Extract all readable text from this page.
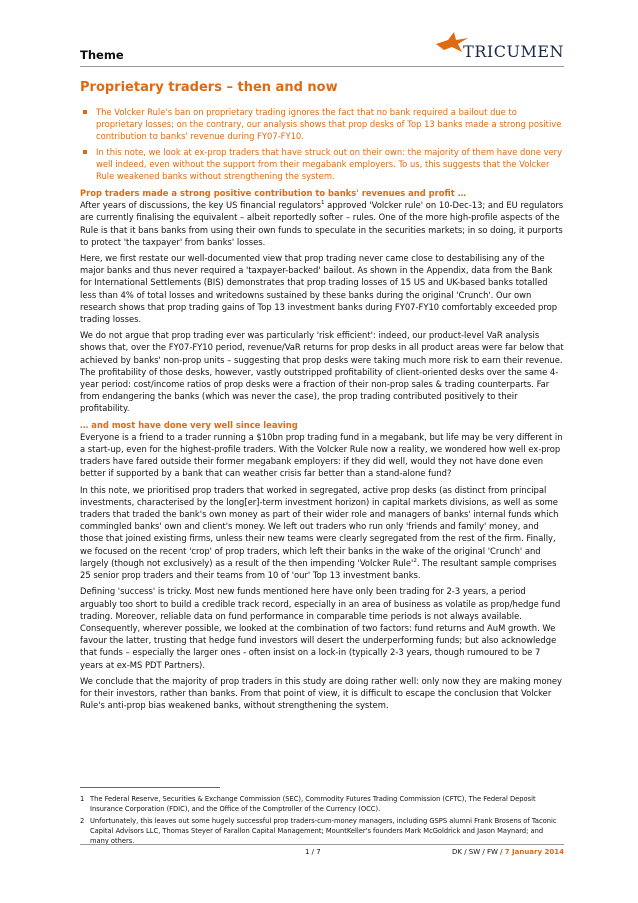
Theme	TRICUMEN
Proprietary traders – then and now
The Volcker Rule's ban on proprietary trading ignores the fact that no bank required a bailout due to proprietary losses; on the contrary, our analysis shows that prop desks of Top 13 banks made a strong positive contribution to banks' revenue during FY07-FY10.
In this note, we look at ex-prop traders that have struck out on their own: the majority of them have done very well indeed, even without the support from their megabank employers. To us, this suggests that the Volcker Rule weakened banks without strengthening the system.
Prop traders made a strong positive contribution to banks' revenues and profit …

After years of discussions, the key US financial regulators$^1$ approved 'Volcker rule' on 10-Dec-13; and EU regulators are currently finalising the equivalent – albeit reportedly softer – rules. One of the more high-profile aspects of the Rule is that it bans banks from using their own funds to speculate in the securities markets; in so doing, it purports to protect 'the taxpayer' from banks' losses.

Here, we first restate our well-documented view that prop trading never came close to destabilising any of the major banks and thus never required a 'taxpayer-backed' bailout. As shown in the Appendix, data from the Bank for International Settlements (BIS) demonstrates that prop trading losses of 15 US and UK-based banks totalled less than 4% of total losses and writedowns sustained by these banks during the original 'Crunch'. Our own research shows that prop trading gains of Top 13 investment banks during FY07-FY10 comfortably exceeded prop trading losses.

We do not argue that prop trading ever was particularly 'risk efficient': indeed, our product-level VaR analysis shows that, over the FY07-FY10 period, revenue/VaR returns for prop desks in all product areas were far below that achieved by banks' non-prop units – suggesting that prop desks were taking much more risk to earn their revenue. The profitability of those desks, however, vastly outstripped profitability of client-oriented desks over the same 4-year period: cost/income ratios of prop desks were a fraction of their non-prop sales & trading counterparts. Far from endangering the banks (which was never the case), the prop trading contributed positively to their profitability.

… and most have done very well since leaving

Everyone is a friend to a trader running a $10bn prop trading fund in a megabank, but life may be very different in a start-up, even for the highest-profile traders. With the Volcker Rule now a reality, we wondered how well ex-prop traders have fared outside their former megabank employers: if they did well, would they not have done even better if supported by a bank that can weather crisis far better than a stand-alone fund?

In this note, we prioritised prop traders that worked in segregated, active prop desks (as distinct from principal investments, characterised by the long[er]-term investment horizon) in capital markets divisions, as well as some traders that traded the bank's own money as part of their wider role and managers of banks' internal funds which commingled banks' own and client's money. We left out traders who run only 'friends and family' money, and those that joined existing firms, unless their new teams were clearly segregated from the rest of the firm. Finally, we focused on the recent 'crop' of prop traders, which left their banks in the wake of the original 'Crunch' and largely (though not exclusively) as a result of the then impending 'Volcker $Rule'^2$. The resultant sample comprises 25 senior prop traders and their teams from 10 of 'our' Top 13 investment banks.

Defining 'success' is tricky. Most new funds mentioned here have only been trading for 2-3 years, a period arguably too short to build a credible track record, especially in an area of business as volatile as prop/hedge fund trading. Moreover, reliable data on fund performance in comparable time periods is not always available. Consequently, wherever possible, we looked at the combination of two factors: fund returns and AuM growth. We favour the latter, trusting that hedge fund investors will desert the underperforming funds; but also acknowledge that funds – especially the larger ones - often insist on a lock-in (typically 2-3 years, though rumoured to be 7 years at ex-MS PDT Partners).

We conclude that the majority of prop traders in this study are doing rather well: only now they are making money for their investors, rather than banks. From that point of view, it is difficult to escape the conclusion that Volcker Rule's anti-prop bias weakened banks, without strengthening the system.

1 The Federal Reserve, Securities & Exchange Commission (SEC), Commodity Futures Trading Commission (CFTC), The Federal Deposit Insurance Corporation (FDIC), and the Office of the Comptroller of the Currency (OCC).
2 Unfortunately, this leaves out some hugely successful prop traders-cum-money managers, including GSPS alumni Frank Brosens of Taconic Capital Advisors LLC, Thomas Steyer of Farallon Capital Management; MountKeller's founders Mark McGoldrick and Jason Maynard; and many others.
1 / 7	DK / SW / FW / 7 January 2014
